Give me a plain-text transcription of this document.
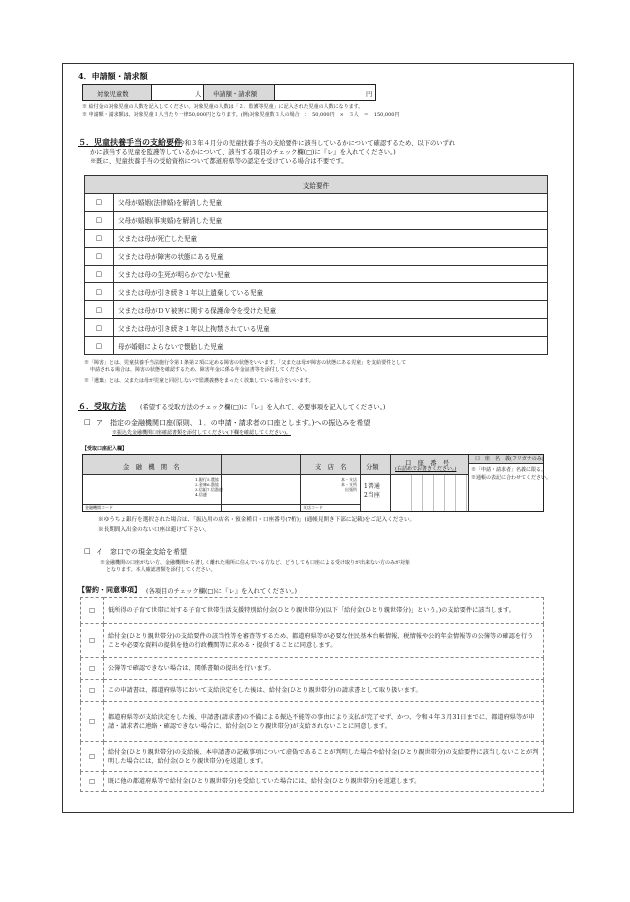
4．申請額・請求額
対象児童数	人 申請額・請求額	円
※ 給付金の対象児童の人数を記入してください。対象児童の人数は「２．監護等児童」に記入された児童の人数になります。
※ 申請額・請求額は、対象児童１人当たり一律50,000円となります。(例)対象児童数３人の場合　：　50,000円　×　３人　＝　150,000円
５．児童扶養手当の支給要件
(令和３年４月分の児童扶養手当の支給要件に該当しているかについて確認するため、以下のいずれ
かに該当する児童を監護等しているかについて、該当する項目のチェック欄(□)に『レ』を入れてください。)
※既に、児童扶養手当の受給資格について都道府県等の認定を受けている場合は不要です。
支給要件	
□	父母が婚姻(法律婚)を解消した児童
□	父母が婚姻(事実婚)を解消した児童
□	父または母が死亡した児童
□	父または母が障害の状態にある児童
□	父または母の生死が明らかでない児童
□	父または母が引き続き１年以上遺棄している児童
□	父または母がＤＶ被害に関する保護命令を受けた児童
□	父または母が引き続き１年以上拘禁されている児童
□	母が婚姻によらないで懐胎した児童
※「障害」とは、児童扶養手当法施行令第１条第２項に定める障害の状態をいいます。「父または母が障害の状態にある児童」を支給要件として
申請される場合は、障害の状態を確認するため、障害年金に係る年金証書等を添付してください。
※「遺棄」とは、父または母が児童と同居しないで監護義務をまったく放棄している場合をいいます。
６．受取方法 (希望する受取方法のチェック欄(□)に『レ』を入れて、必要事項を記入してください。)
□ ア　指定の金融機関口座(原則、１．の申請・請求者の口座とします。)への振込みを希望
※振込先金融機関口座確認書類を添付してください(下欄を確認してください)。
【受取口座記入欄】
金　融　機　関　名	支　店　名	分類
口　座　番　号
(右詰めでお書きください。)
口　座　名　義(フリガナのみ)
※「申請・請求者」名義に限る。
※通帳の表記に合わせてください。
1.銀行
2.金庫
3.信組
4.信連
5.農協
6.漁協
7.信漁連
本・支店
本・支所
出張所
金融機関コード	支店コード
1普通
2当座
※ゆうちょ銀行を選択された場合は、「振込用の店名・預金種目・口座番号(7桁)」(通帳見開き下部に記載)をご記入ください。
※長期間入出金のない口座は避けて下さい。
□ イ　窓口での現金支給を希望
※金融機関の口座がない方、金融機関から著しく離れた場所に住んでいる方など、どうしても口座による受け取りが出来ない方のみが対象
となります。本人確認書類を添付してください。
【誓約・同意事項】 (各項目のチェック欄(□)に『レ』を入れてください。)
□	低所得の子育て世帯に対する子育て世帯生活支援特別給付金(ひとり親世帯分)(以下「給付金(ひとり親世帯分)」という。)の支給要件に該当します。
□	給付金(ひとり親世帯分)の支給要件の該当性等を審査等するため、都道府県等が必要な住民基本台帳情報、税情報や公的年金情報等の公簿等の確認を行うことや必要な資料の提供を他の行政機関等に求める・提供することに同意します。
□	公簿等で確認できない場合は、関係書類の提出を行います。
□	この申請書は、都道府県等において支給決定をした後は、給付金(ひとり親世帯分)の請求書として取り扱います。
□	都道府県等が支給決定をした後、申請書(請求書)の不備による振込不能等の事由により支払が完了せず、かつ、令和４年３月31日までに、都道府県等が申請・請求者に連絡・確認できない場合に、給付金(ひとり親世帯分)が支給されないことに同意します。
□	給付金(ひとり親世帯分)の支給後、本申請書の記載事項について虚偽であることが判明した場合や給付金(ひとり親世帯分)の支給要件に該当しないことが判明した場合には、給付金(ひとり親世帯分)を返還します。
□	既に他の都道府県等で給付金(ひとり親世帯分)を受給していた場合には、給付金(ひとり親世帯分)を返還します。
